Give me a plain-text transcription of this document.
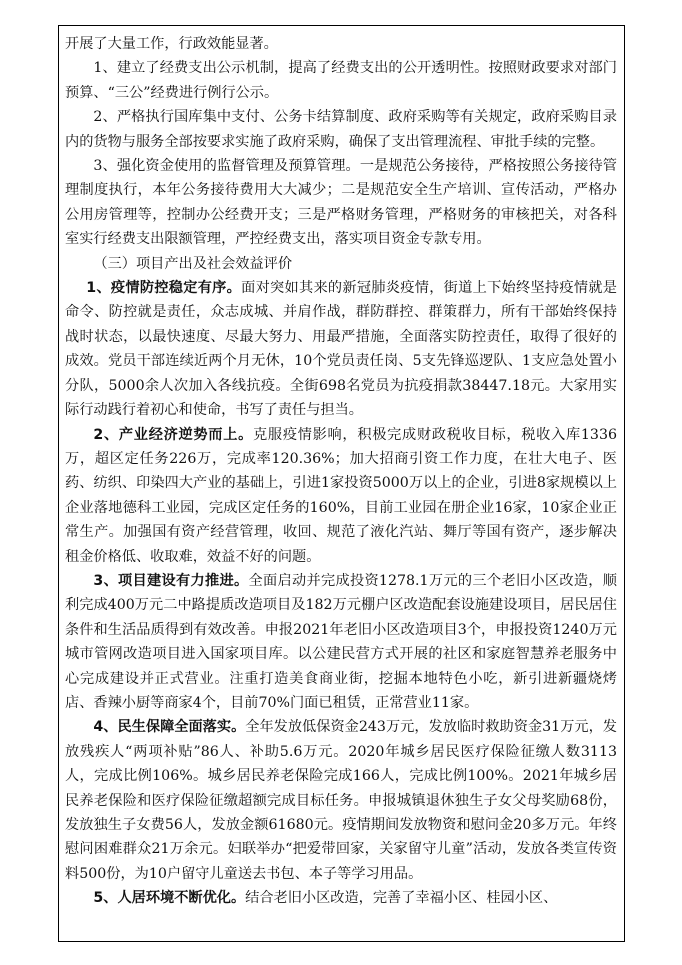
开展了大量工作，行政效能显著。

1、建立了经费支出公示机制，提高了经费支出的公开透明性。按照财政要求对部门预算、“三公”经费进行例行公示。

2、严格执行国库集中支付、公务卡结算制度、政府采购等有关规定，政府采购目录内的货物与服务全部按要求实施了政府采购，确保了支出管理流程、审批手续的完整。

3、强化资金使用的监督管理及预算管理。一是规范公务接待，严格按照公务接待管理制度执行，本年公务接待费用大大减少；二是规范安全生产培训、宣传活动，严格办公用房管理等，控制办公经费开支；三是严格财务管理，严格财务的审核把关，对各科室实行经费支出限额管理，严控经费支出，落实项目资金专款专用。

（三）项目产出及社会效益评价

1、疫情防控稳定有序。面对突如其来的新冠肺炎疫情，街道上下始终坚持疫情就是命令、防控就是责任，众志成城、并肩作战，群防群控、群策群力，所有干部始终保持战时状态，以最快速度、尽最大努力、用最严措施，全面落实防控责任，取得了很好的成效。党员干部连续近两个月无休，10个党员责任岗、5支先锋巡逻队、1支应急处置小分队，5000余人次加入各线抗疫。全街698名党员为抗疫捐款38447.18元。大家用实际行动践行着初心和使命，书写了责任与担当。

2、产业经济逆势而上。克服疫情影响，积极完成财政税收目标，税收入库1336万，超区定任务226万，完成率120.36%；加大招商引资工作力度，在壮大电子、医药、纺织、印染四大产业的基础上，引进1家投资5000万以上的企业，引进8家规模以上企业落地德科工业园，完成区定任务的160%，目前工业园在册企业16家，10家企业正常生产。加强国有资产经营管理，收回、规范了液化汽站、舞厅等国有资产，逐步解决租金价格低、收取难，效益不好的问题。

3、项目建设有力推进。全面启动并完成投资1278.1万元的三个老旧小区改造，顺利完成400万元二中路提质改造项目及182万元棚户区改造配套设施建设项目，居民居住条件和生活品质得到有效改善。申报2021年老旧小区改造项目3个，申报投资1240万元城市管网改造项目进入国家项目库。以公建民营方式开展的社区和家庭智慧养老服务中心完成建设并正式营业。注重打造美食商业街，挖掘本地特色小吃，新引进新疆烧烤店、香辣小厨等商家4个，目前70%门面已租赁，正常营业11家。

4、民生保障全面落实。全年发放低保资金243万元，发放临时救助资金31万元，发放残疾人“两项补贴”86人、补助5.6万元。2020年城乡居民医疗保险征缴人数3113人，完成比例106%。城乡居民养老保险完成166人，完成比例100%。2021年城乡居民养老保险和医疗保险征缴超额完成目标任务。申报城镇退休独生子女父母奖励68份，发放独生子女费56人，发放金额61680元。疫情期间发放物资和慰问金20多万元。年终慰问困难群众21万余元。妇联举办“把爱带回家，关家留守儿童”活动，发放各类宣传资料500份，为10户留守儿童送去书包、本子等学习用品。

5、人居环境不断优化。结合老旧小区改造，完善了幸福小区、桂园小区、
